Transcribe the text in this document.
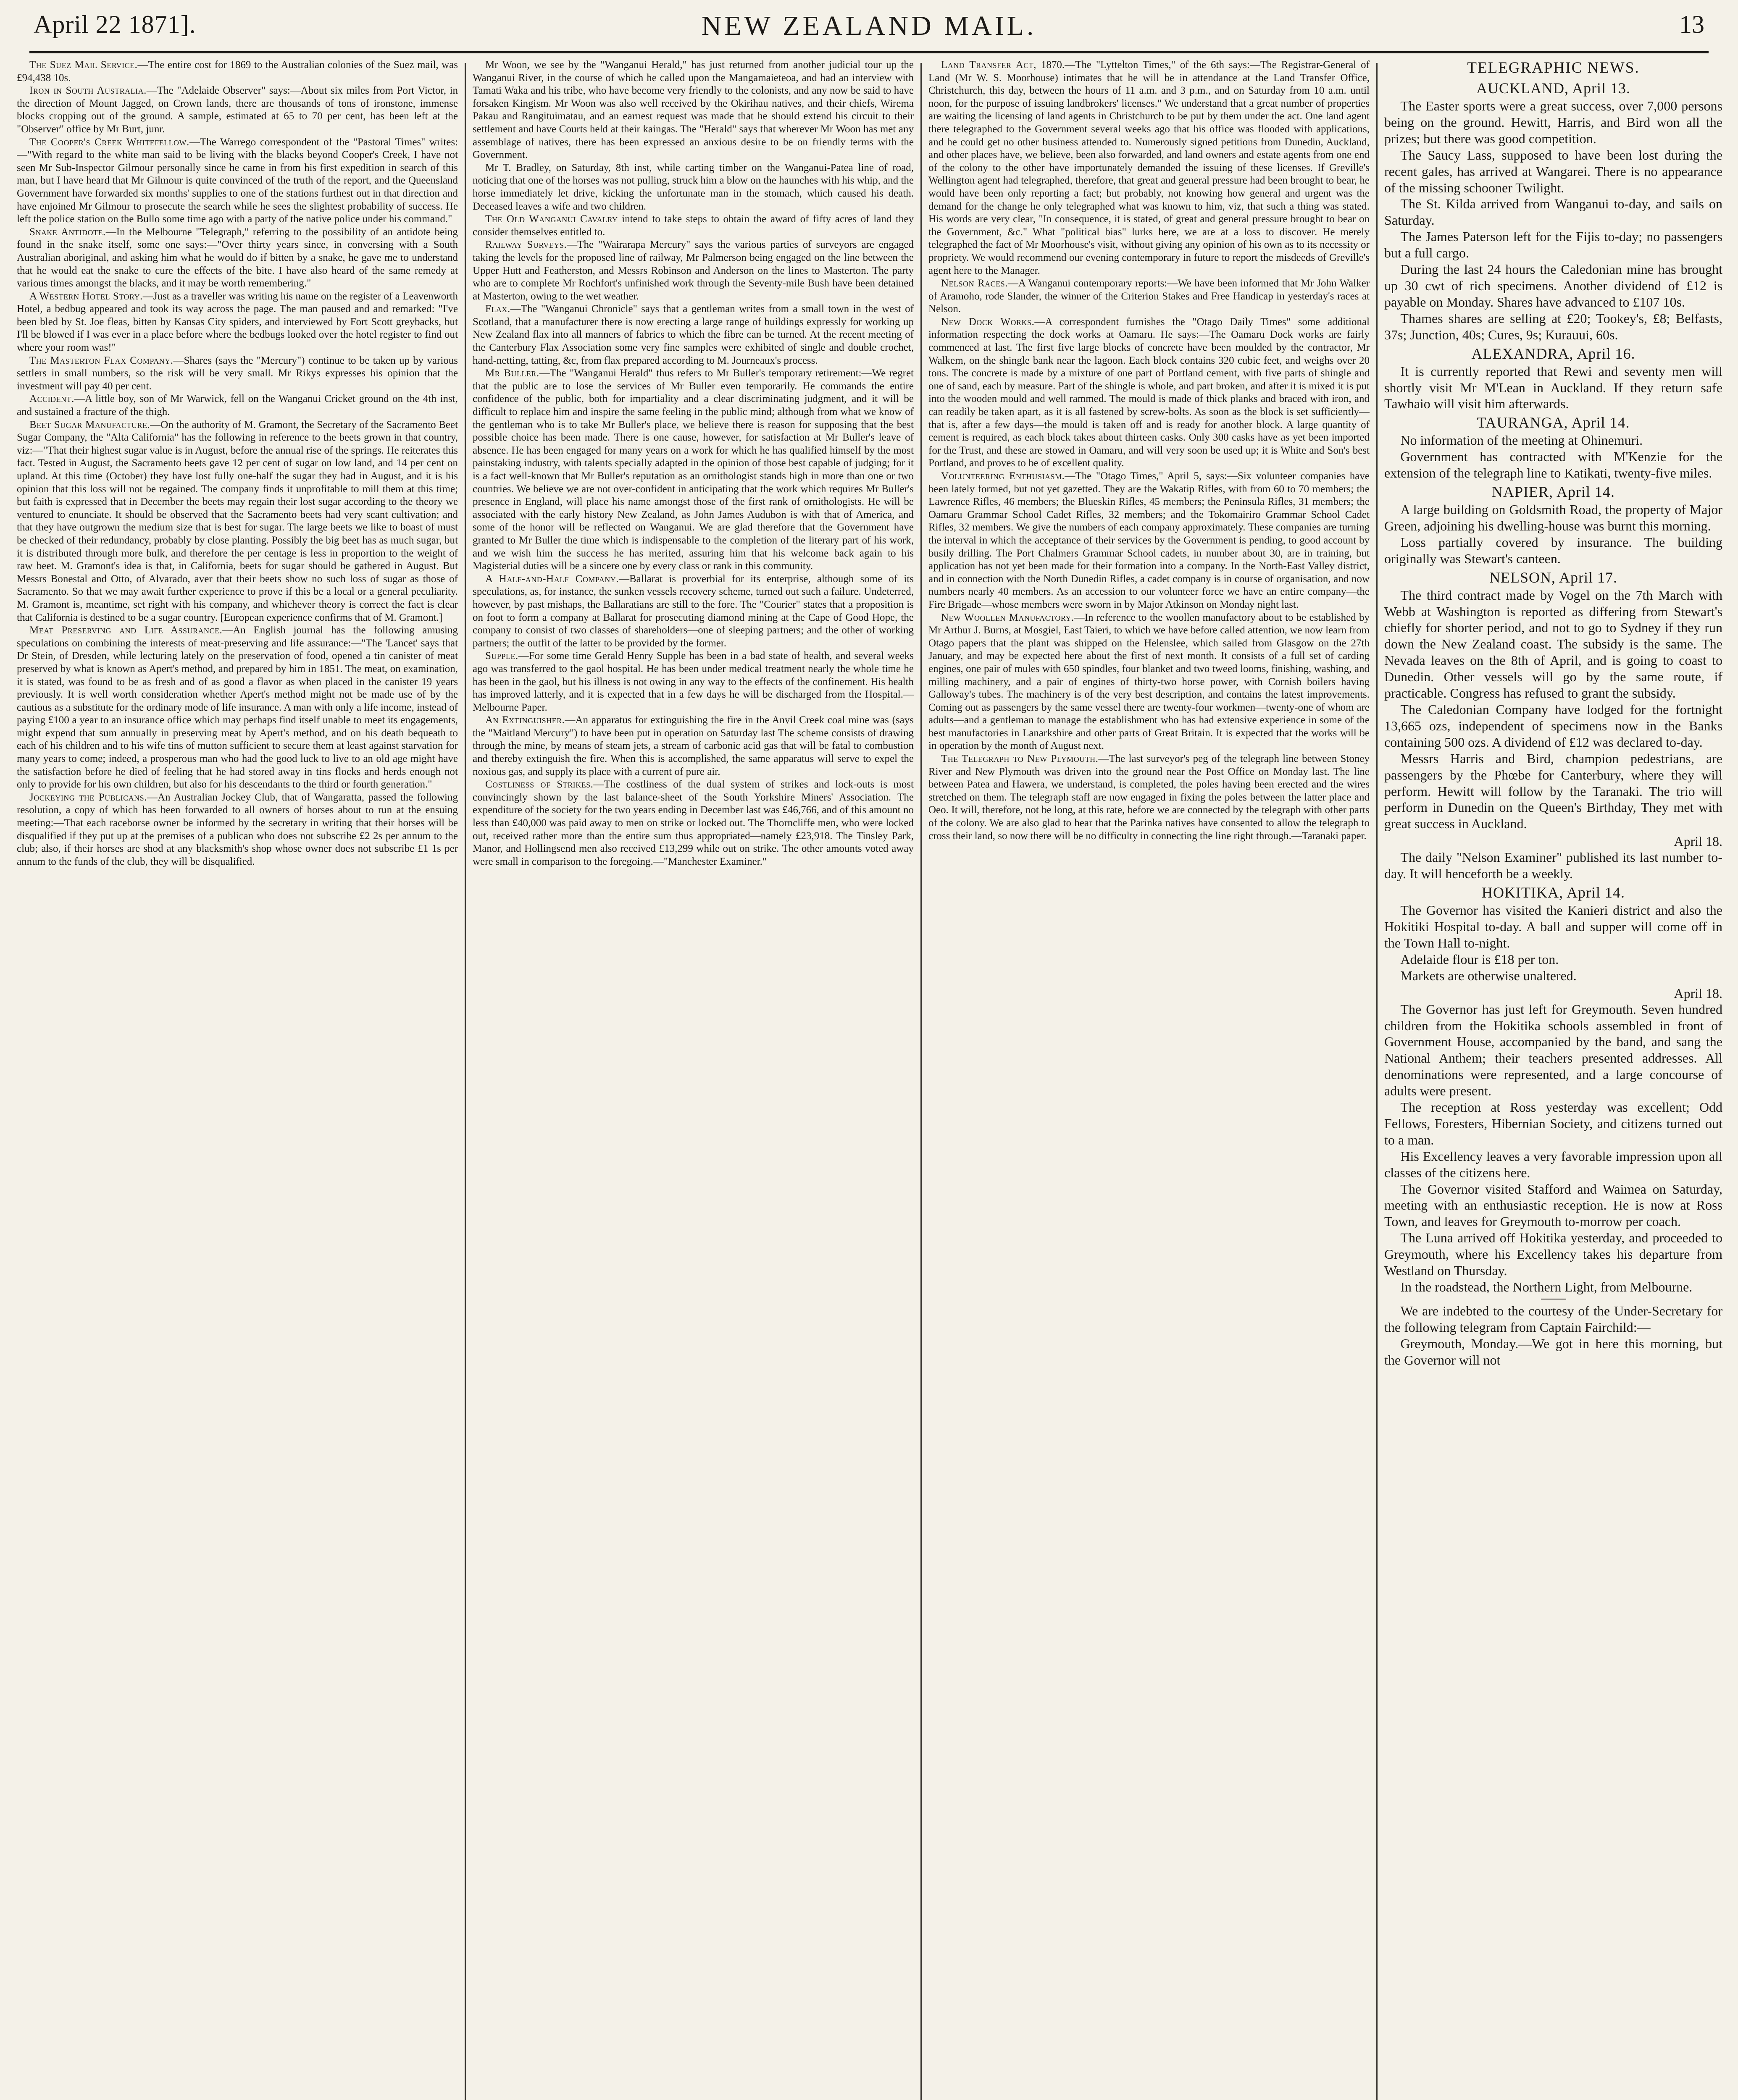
April 22 1871].	NEW ZEALAND MAIL.	13

The Suez Mail Service.—The entire cost for 1869 to the Australian colonies of the Suez mail, was £94,438 10s.

Iron in South Australia.—The "Adelaide Observer" says:—About six miles from Port Victor, in the direction of Mount Jagged, on Crown lands, there are thousands of tons of ironstone, immense blocks cropping out of the ground. A sample, estimated at 65 to 70 per cent, has been left at the "Observer" office by Mr Burt, junr.

The Cooper's Creek Whitefellow.—The Warrego correspondent of the "Pastoral Times" writes:—"With regard to the white man said to be living with the blacks beyond Cooper's Creek, I have not seen Mr Sub-Inspector Gilmour personally since he came in from his first expedition in search of this man, but I have heard that Mr Gilmour is quite convinced of the truth of the report, and the Queensland Government have forwarded six months' supplies to one of the stations furthest out in that direction and have enjoined Mr Gilmour to prosecute the search while he sees the slightest probability of success. He left the police station on the Bullo some time ago with a party of the native police under his command."

Snake Antidote.—In the Melbourne "Telegraph," referring to the possibility of an antidote being found in the snake itself, some one says:—"Over thirty years since, in conversing with a South Australian aboriginal, and asking him what he would do if bitten by a snake, he gave me to understand that he would eat the snake to cure the effects of the bite. I have also heard of the same remedy at various times amongst the blacks, and it may be worth remembering."

A Western Hotel Story.—Just as a traveller was writing his name on the register of a Leavenworth Hotel, a bedbug appeared and took its way across the page. The man paused and and remarked: "I've been bled by St. Joe fleas, bitten by Kansas City spiders, and interviewed by Fort Scott greybacks, but I'll be blowed if I was ever in a place before where the bedbugs looked over the hotel register to find out where your room was!"

The Masterton Flax Company.—Shares (says the "Mercury") continue to be taken up by various settlers in small numbers, so the risk will be very small. Mr Rikys expresses his opinion that the investment will pay 40 per cent.

Accident.—A little boy, son of Mr Warwick, fell on the Wanganui Cricket ground on the 4th inst, and sustained a fracture of the thigh.

Beet Sugar Manufacture.—On the authority of M. Gramont, the Secretary of the Sacramento Beet Sugar Company, the "Alta California" has the following in reference to the beets grown in that country, viz:—"That their highest sugar value is in August, before the annual rise of the springs. He reiterates this fact. Tested in August, the Sacramento beets gave 12 per cent of sugar on low land, and 14 per cent on upland. At this time (October) they have lost fully one-half the sugar they had in August, and it is his opinion that this loss will not be regained. The company finds it unprofitable to mill them at this time; but faith is expressed that in December the beets may regain their lost sugar according to the theory we ventured to enunciate. It should be observed that the Sacramento beets had very scant cultivation; and that they have outgrown the medium size that is best for sugar. The large beets we like to boast of must be checked of their redundancy, probably by close planting. Possibly the big beet has as much sugar, but it is distributed through more bulk, and therefore the per centage is less in proportion to the weight of raw beet. M. Gramont's idea is that, in California, beets for sugar should be gathered in August. But Messrs Bonestal and Otto, of Alvarado, aver that their beets show no such loss of sugar as those of Sacramento. So that we may await further experience to prove if this be a local or a general peculiarity. M. Gramont is, meantime, set right with his company, and whichever theory is correct the fact is clear that California is destined to be a sugar country. [European experience confirms that of M. Gramont.]

Meat Preserving and Life Assurance.—An English journal has the following amusing speculations on combining the interests of meat-preserving and life assurance:—"The 'Lancet' says that Dr Stein, of Dresden, while lecturing lately on the preservation of food, opened a tin canister of meat preserved by what is known as Apert's method, and prepared by him in 1851. The meat, on examination, it is stated, was found to be as fresh and of as good a flavor as when placed in the canister 19 years previously. It is well worth consideration whether Apert's method might not be made use of by the cautious as a substitute for the ordinary mode of life insurance. A man with only a life income, instead of paying £100 a year to an insurance office which may perhaps find itself unable to meet its engagements, might expend that sum annually in preserving meat by Apert's method, and on his death bequeath to each of his children and to his wife tins of mutton sufficient to secure them at least against starvation for many years to come; indeed, a prosperous man who had the good luck to live to an old age might have the satisfaction before he died of feeling that he had stored away in tins flocks and herds enough not only to provide for his own children, but also for his descendants to the third or fourth generation."

Jockeying the Publicans.—An Australian Jockey Club, that of Wangaratta, passed the following resolution, a copy of which has been forwarded to all owners of horses about to run at the ensuing meeting:—That each raceborse owner be informed by the secretary in writing that their horses will be disqualified if they put up at the premises of a publican who does not subscribe £2 2s per annum to the club; also, if their horses are shod at any blacksmith's shop whose owner does not subscribe £1 1s per annum to the funds of the club, they will be disqualified.

Mr Woon, we see by the "Wanganui Herald," has just returned from another judicial tour up the Wanganui River, in the course of which he called upon the Mangamaieteoa, and had an interview with Tamati Waka and his tribe, who have become very friendly to the colonists, and any now be said to have forsaken Kingism. Mr Woon was also well received by the Okirihau natives, and their chiefs, Wirema Pakau and Rangituimatau, and an earnest request was made that he should extend his circuit to their settlement and have Courts held at their kaingas. The "Herald" says that wherever Mr Woon has met any assemblage of natives, there has been expressed an anxious desire to be on friendly terms with the Government.

Mr T. Bradley, on Saturday, 8th inst, while carting timber on the Wanganui-Patea line of road, noticing that one of the horses was not pulling, struck him a blow on the haunches with his whip, and the horse immediately let drive, kicking the unfortunate man in the stomach, which caused his death. Deceased leaves a wife and two children.

The Old Wanganui Cavalry intend to take steps to obtain the award of fifty acres of land they consider themselves entitled to.

Railway Surveys.—The "Wairarapa Mercury" says the various parties of surveyors are engaged taking the levels for the proposed line of railway, Mr Palmerson being engaged on the line between the Upper Hutt and Featherston, and Messrs Robinson and Anderson on the lines to Masterton. The party who are to complete Mr Rochfort's unfinished work through the Seventy-mile Bush have been detained at Masterton, owing to the wet weather.

Flax.—The "Wanganui Chronicle" says that a gentleman writes from a small town in the west of Scotland, that a manufacturer there is now erecting a large range of buildings expressly for working up New Zealand flax into all manners of fabrics to which the fibre can be turned. At the recent meeting of the Canterbury Flax Association some very fine samples were exhibited of single and double crochet, hand-netting, tatting, &c, from flax prepared according to M. Journeaux's process.

Mr Buller.—The "Wanganui Herald" thus refers to Mr Buller's temporary retirement:—We regret that the public are to lose the services of Mr Buller even temporarily. He commands the entire confidence of the public, both for impartiality and a clear discriminating judgment, and it will be difficult to replace him and inspire the same feeling in the public mind; although from what we know of the gentleman who is to take Mr Buller's place, we believe there is reason for supposing that the best possible choice has been made. There is one cause, however, for satisfaction at Mr Buller's leave of absence. He has been engaged for many years on a work for which he has qualified himself by the most painstaking industry, with talents specially adapted in the opinion of those best capable of judging; for it is a fact well-known that Mr Buller's reputation as an ornithologist stands high in more than one or two countries. We believe we are not over-confident in anticipating that the work which requires Mr Buller's presence in England, will place his name amongst those of the first rank of ornithologists. He will be associated with the early history New Zealand, as John James Audubon is with that of America, and some of the honor will be reflected on Wanganui. We are glad therefore that the Government have granted to Mr Buller the time which is indispensable to the completion of the literary part of his work, and we wish him the success he has merited, assuring him that his welcome back again to his Magisterial duties will be a sincere one by every class or rank in this community.

A Half-and-Half Company.—Ballarat is proverbial for its enterprise, although some of its speculations, as, for instance, the sunken vessels recovery scheme, turned out such a failure. Undeterred, however, by past mishaps, the Ballaratians are still to the fore. The "Courier" states that a proposition is on foot to form a company at Ballarat for prosecuting diamond mining at the Cape of Good Hope, the company to consist of two classes of shareholders—one of sleeping partners; and the other of working partners; the outfit of the latter to be provided by the former.

Supple.—For some time Gerald Henry Supple has been in a bad state of health, and several weeks ago was transferred to the gaol hospital. He has been under medical treatment nearly the whole time he has been in the gaol, but his illness is not owing in any way to the effects of the confinement. His health has improved latterly, and it is expected that in a few days he will be discharged from the Hospital.—Melbourne Paper.

An Extinguisher.—An apparatus for extinguishing the fire in the Anvil Creek coal mine was (says the "Maitland Mercury") to have been put in operation on Saturday last The scheme consists of drawing through the mine, by means of steam jets, a stream of carbonic acid gas that will be fatal to combustion and thereby extinguish the fire. When this is accomplished, the same apparatus will serve to expel the noxious gas, and supply its place with a current of pure air.

Costliness of Strikes.—The costliness of the dual system of strikes and lock-outs is most convincingly shown by the last balance-sheet of the South Yorkshire Miners' Association. The expenditure of the society for the two years ending in December last was £46,766, and of this amount no less than £40,000 was paid away to men on strike or locked out. The Thorncliffe men, who were locked out, received rather more than the entire sum thus appropriated—namely £23,918. The Tinsley Park, Manor, and Hollingsend men also received £13,299 while out on strike. The other amounts voted away were small in comparison to the foregoing.—"Manchester Examiner."

Land Transfer Act, 1870.—The "Lyttelton Times," of the 6th says:—The Registrar-General of Land (Mr W. S. Moorhouse) intimates that he will be in attendance at the Land Transfer Office, Christchurch, this day, between the hours of 11 a.m. and 3 p.m., and on Saturday from 10 a.m. until noon, for the purpose of issuing landbrokers' licenses." We understand that a great number of properties are waiting the licensing of land agents in Christchurch to be put by them under the act. One land agent there telegraphed to the Government several weeks ago that his office was flooded with applications, and he could get no other business attended to. Numerously signed petitions from Dunedin, Auckland, and other places have, we believe, been also forwarded, and land owners and estate agents from one end of the colony to the other have importunately demanded the issuing of these licenses. If Greville's Wellington agent had telegraphed, therefore, that great and general pressure had been brought to bear, he would have been only reporting a fact; but probably, not knowing how general and urgent was the demand for the change he only telegraphed what was known to him, viz, that such a thing was stated. His words are very clear, "In consequence, it is stated, of great and general pressure brought to bear on the Government, &c." What "political bias" lurks here, we are at a loss to discover. He merely telegraphed the fact of Mr Moorhouse's visit, without giving any opinion of his own as to its necessity or propriety. We would recommend our evening contemporary in future to report the misdeeds of Greville's agent here to the Manager.

Nelson Races.—A Wanganui contemporary reports:—We have been informed that Mr John Walker of Aramoho, rode Slander, the winner of the Criterion Stakes and Free Handicap in yesterday's races at Nelson.

New Dock Works.—A correspondent furnishes the "Otago Daily Times" some additional information respecting the dock works at Oamaru. He says:—The Oamaru Dock works are fairly commenced at last. The first five large blocks of concrete have been moulded by the contractor, Mr Walkem, on the shingle bank near the lagoon. Each block contains 320 cubic feet, and weighs over 20 tons. The concrete is made by a mixture of one part of Portland cement, with five parts of shingle and one of sand, each by measure. Part of the shingle is whole, and part broken, and after it is mixed it is put into the wooden mould and well rammed. The mould is made of thick planks and braced with iron, and can readily be taken apart, as it is all fastened by screw-bolts. As soon as the block is set sufficiently—that is, after a few days—the mould is taken off and is ready for another block. A large quantity of cement is required, as each block takes about thirteen casks. Only 300 casks have as yet been imported for the Trust, and these are stowed in Oamaru, and will very soon be used up; it is White and Son's best Portland, and proves to be of excellent quality.

Volunteering Enthusiasm.—The "Otago Times," April 5, says:—Six volunteer companies have been lately formed, but not yet gazetted. They are the Wakatip Rifles, with from 60 to 70 members; the Lawrence Rifles, 46 members; the Blueskin Rifles, 45 members; the Peninsula Rifles, 31 members; the Oamaru Grammar School Cadet Rifles, 32 members; and the Tokomairiro Grammar School Cadet Rifles, 32 members. We give the numbers of each company approximately. These companies are turning the interval in which the acceptance of their services by the Government is pending, to good account by busily drilling. The Port Chalmers Grammar School cadets, in number about 30, are in training, but application has not yet been made for their formation into a company. In the North-East Valley district, and in connection with the North Dunedin Rifles, a cadet company is in course of organisation, and now numbers nearly 40 members. As an accession to our volunteer force we have an entire company—the Fire Brigade—whose members were sworn in by Major Atkinson on Monday night last.

New Woollen Manufactory.—In reference to the woollen manufactory about to be established by Mr Arthur J. Burns, at Mosgiel, East Taieri, to which we have before called attention, we now learn from Otago papers that the plant was shipped on the Helenslee, which sailed from Glasgow on the 27th January, and may be expected here about the first of next month. It consists of a full set of carding engines, one pair of mules with 650 spindles, four blanket and two tweed looms, finishing, washing, and milling machinery, and a pair of engines of thirty-two horse power, with Cornish boilers having Galloway's tubes. The machinery is of the very best description, and contains the latest improvements. Coming out as passengers by the same vessel there are twenty-four workmen—twenty-one of whom are adults—and a gentleman to manage the establishment who has had extensive experience in some of the best manufactories in Lanarkshire and other parts of Great Britain. It is expected that the works will be in operation by the month of August next.

The Telegraph to New Plymouth.—The last surveyor's peg of the telegraph line between Stoney River and New Plymouth was driven into the ground near the Post Office on Monday last. The line between Patea and Hawera, we understand, is completed, the poles having been erected and the wires stretched on them. The telegraph staff are now engaged in fixing the poles between the latter place and Oeo. It will, therefore, not be long, at this rate, before we are connected by the telegraph with other parts of the colony. We are also glad to hear that the Parinka natives have consented to allow the telegraph to cross their land, so now there will be no difficulty in connecting the line right through.—Taranaki paper.

TELEGRAPHIC NEWS.
AUCKLAND, April 13.

The Easter sports were a great success, over 7,000 persons being on the ground. Hewitt, Harris, and Bird won all the prizes; but there was good competition.

The Saucy Lass, supposed to have been lost during the recent gales, has arrived at Wangarei. There is no appearance of the missing schooner Twilight.

The St. Kilda arrived from Wanganui to-day, and sails on Saturday.

The James Paterson left for the Fijis to-day; no passengers but a full cargo.

During the last 24 hours the Caledonian mine has brought up 30 cwt of rich specimens. Another dividend of £12 is payable on Monday. Shares have advanced to £107 10s.

Thames shares are selling at £20; Tookey's, £8; Belfasts, 37s; Junction, 40s; Cures, 9s; Kurauui, 60s.

ALEXANDRA, April 16.

It is currently reported that Rewi and seventy men will shortly visit Mr M'Lean in Auckland. If they return safe Tawhaio will visit him afterwards.

TAURANGA, April 14.

No information of the meeting at Ohinemuri.

Government has contracted with M'Kenzie for the extension of the telegraph line to Katikati, twenty-five miles.

NAPIER, April 14.

A large building on Goldsmith Road, the property of Major Green, adjoining his dwelling-house was burnt this morning.

Loss partially covered by insurance. The building originally was Stewart's canteen.

NELSON, April 17.

The third contract made by Vogel on the 7th March with Webb at Washington is reported as differing from Stewart's chiefly for shorter period, and not to go to Sydney if they run down the New Zealand coast. The subsidy is the same. The Nevada leaves on the 8th of April, and is going to coast to Dunedin. Other vessels will go by the same route, if practicable. Congress has refused to grant the subsidy.

The Caledonian Company have lodged for the fortnight 13,665 ozs, independent of specimens now in the Banks containing 500 ozs. A dividend of £12 was declared to-day.

Messrs Harris and Bird, champion pedestrians, are passengers by the Phœbe for Canterbury, where they will perform. Hewitt will follow by the Taranaki. The trio will perform in Dunedin on the Queen's Birthday, They met with great success in Auckland.

April 18.

The daily "Nelson Examiner" published its last number to-day. It will henceforth be a weekly.

HOKITIKA, April 14.

The Governor has visited the Kanieri district and also the Hokitiki Hospital to-day. A ball and supper will come off in the Town Hall to-night.

Adelaide flour is £18 per ton.

Markets are otherwise unaltered.

April 18.

The Governor has just left for Greymouth. Seven hundred children from the Hokitika schools assembled in front of Government House, accompanied by the band, and sang the National Anthem; their teachers presented addresses. All denominations were represented, and a large concourse of adults were present.

The reception at Ross yesterday was excellent; Odd Fellows, Foresters, Hibernian Society, and citizens turned out to a man.

His Excellency leaves a very favorable impression upon all classes of the citizens here.

The Governor visited Stafford and Waimea on Saturday, meeting with an enthusiastic reception. He is now at Ross Town, and leaves for Greymouth to-morrow per coach.

The Luna arrived off Hokitika yesterday, and proceeded to Greymouth, where his Excellency takes his departure from Westland on Thursday.

In the roadstead, the Northern Light, from Melbourne.

We are indebted to the courtesy of the Under-Secretary for the following telegram from Captain Fairchild:—

Greymouth, Monday.—We got in here this morning, but the Governor will not
